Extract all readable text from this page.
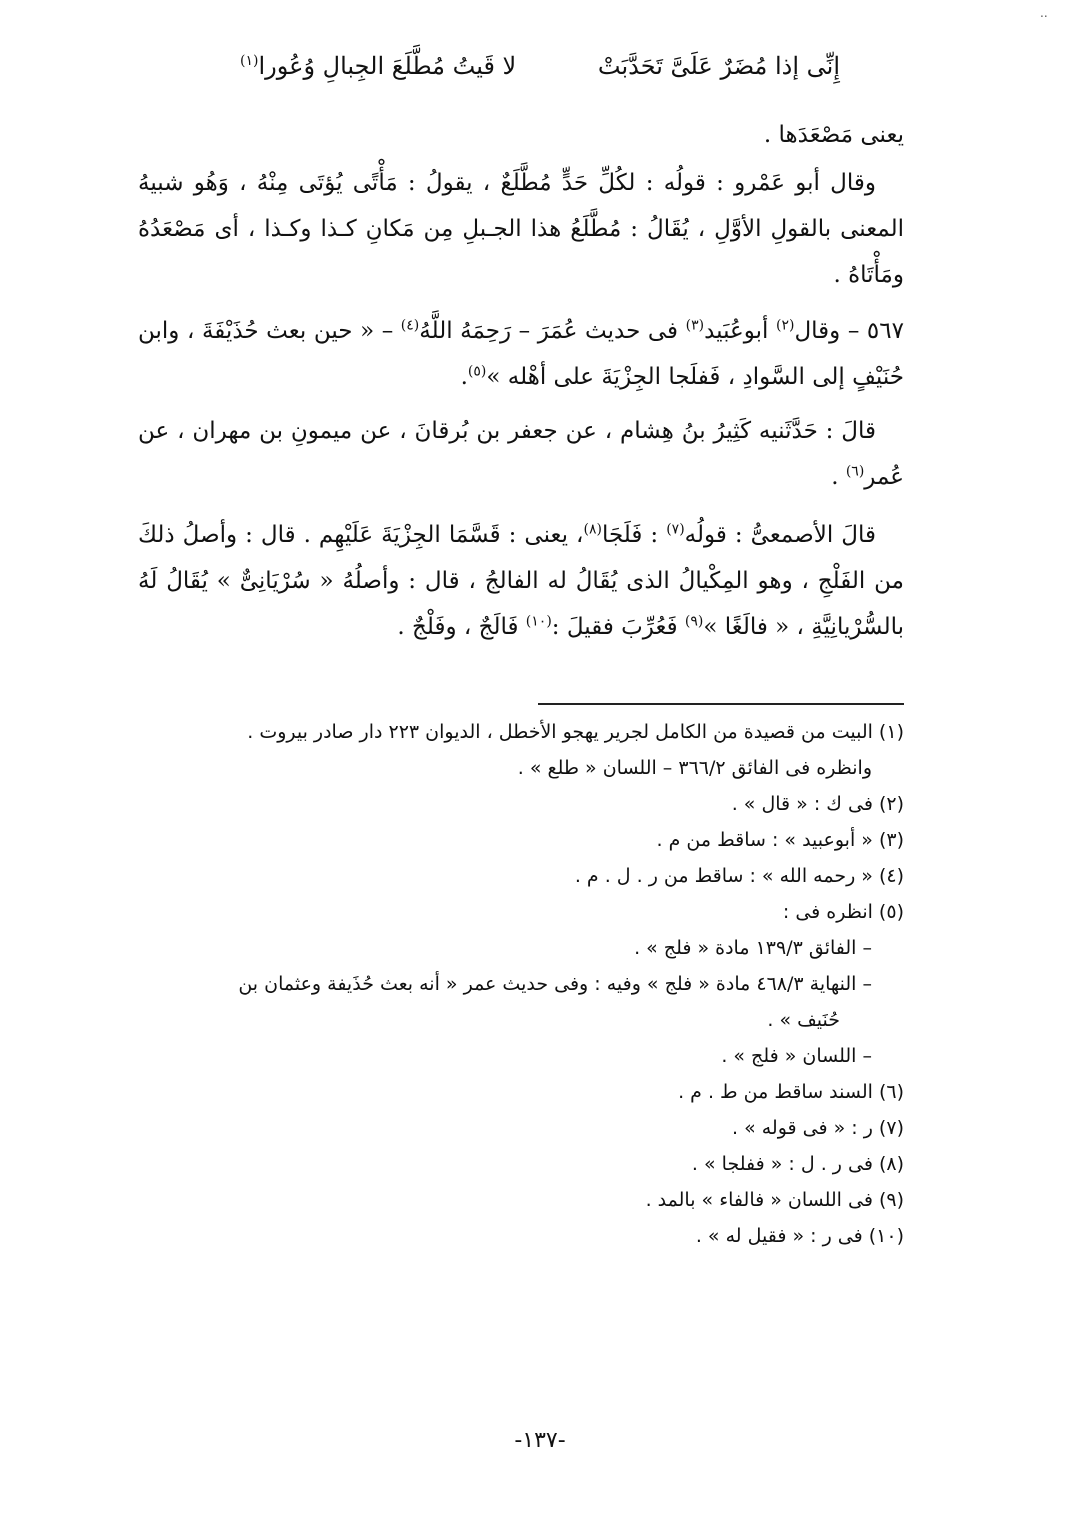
..
إِنِّى إذا مُضَرٌ عَلَىَّ تَحَدَّبَتْ
لا قَيتُ مُطَّلَعَ الجِبالِ وُعُورا$^{(١)}$

يعنى مَصْعَدَها .

وقال أبو عَمْرو : قولُه : لكُلِّ حَدٍّ مُطَّلَعٌ ، يقولُ : مَأْتًى يُؤتَى مِنْهُ ، وَهُو شبيهُ المعنى بالقولِ الأوَّلِ ، يُقَالُ : مُطَّلَعُ هذا الجـبلِ مِن مَكانِ كـذا وكـذا ، أى مَصْعَدُهُ ومَأْتَاهُ .

٥٦٧ – وقال$^{(٢)}$ أبوعُبَيد$^{(٣)}$ فى حديث عُمَرَ – رَحِمَهُ اللَّهُ$^{(٤)}$ – « حين بعث حُذَيْفَةَ ، وابن حُنَيْفٍ إلى السَّوادِ ، فَفلَجا الجِزْيَةَ على أهْله »$^{(٥)}$.

قالَ : حَدَّثَنيه كَثِيرُ بنُ هِشام ، عن جعفر بن بُرقانَ ، عن ميمونِ بن مهران ، عن عُمر$^{(٦)}$ .

قالَ الأصمعىُّ : قولُه$^{(٧)}$ : فَلَجَا$^{(٨)}$، يعنى : قَسَّمَا الجِزْيَةَ عَلَيْهِم . قال : وأصلُ ذلكَ من الفَلْجِ ، وهو المِكْيالُ الذى يُقَالُ له الفالجُ ، قال : وأصلُهُ « سُرْيَانِىٌّ » يُقَالُ لَهُ بالسُّرْيانِيَّةِ ، « فالَغًا »$^{(٩)}$ فَعُرِّبَ فقيلَ :$^{(١٠)}$ فَالَجٌ ، وفَلْجٌ .

(١) البيت من قصيدة من الكامل لجرير يهجو الأخطل ، الديوان ٢٢٣ دار صادر بيروت .

وانظره فى الفائق ٣٦٦/٢ – اللسان « طلع » .

(٢) فى ك : « قال » .

(٣) « أبوعبيد » : ساقط من م .

(٤) « رحمه الله » : ساقط من ر . ل . م .

(٥) انظره فى :

– الفائق ١٣٩/٣ مادة « فلج » .

– النهاية ٤٦٨/٣ مادة « فلج » وفيه : وفى حديث عمر « أنه بعث حُذَيفة وعثمان بن

حُنَيف » .

– اللسان « فلج » .

(٦) السند ساقط من ط . م .

(٧) ر : « فى قوله » .

(٨) فى ر . ل : « ففلجا » .

(٩) فى اللسان « فالفاء » بالمد .

(١٠) فى ر : « فقيل له » .

-١٣٧-
